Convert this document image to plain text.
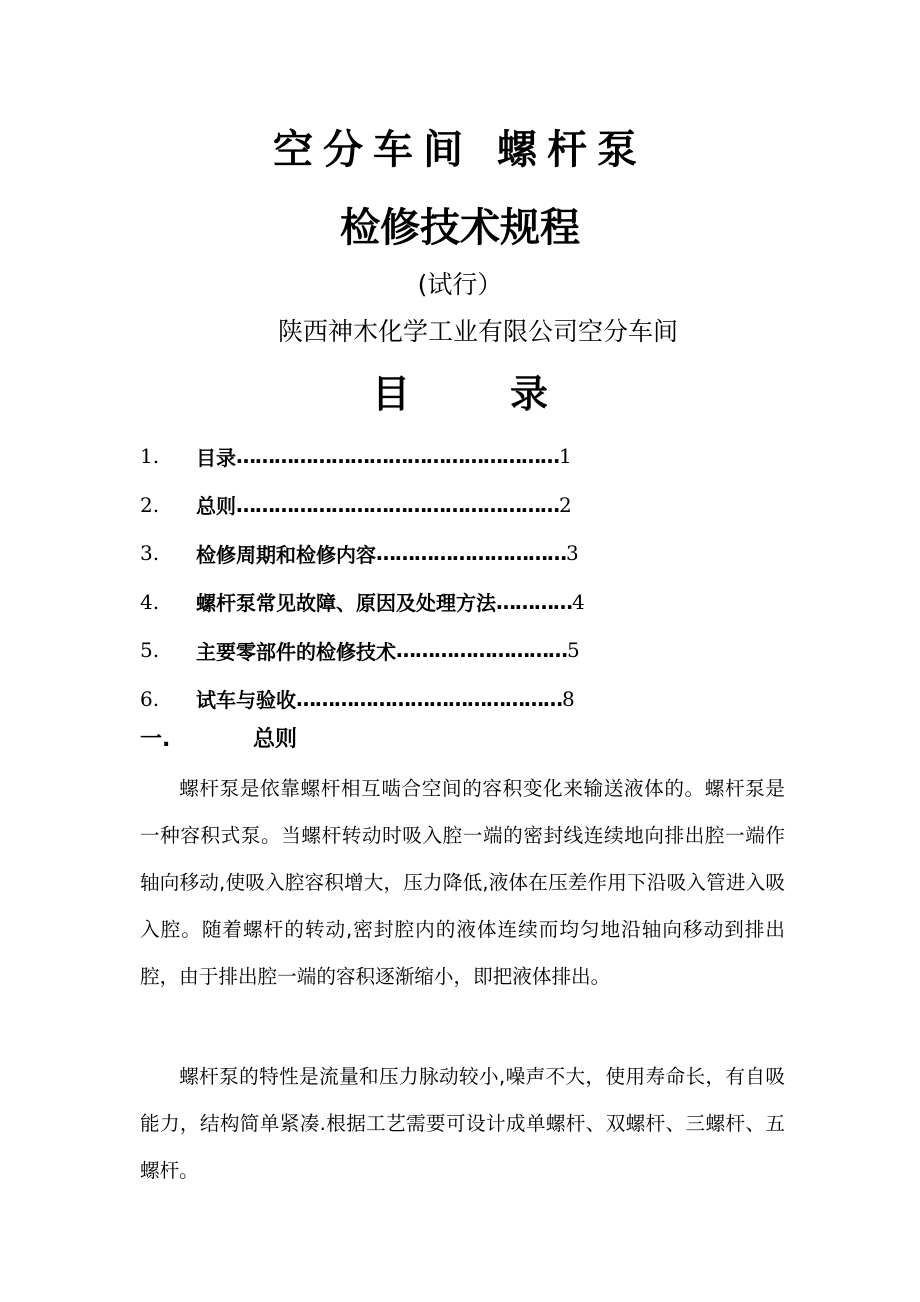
空分车间 螺杆泵
检修技术规程
(试行）
陕西神木化学工业有限公司空分车间
目	录
1.	目录 …………………………………………… 1
2.	总则 …………………………………………… 2
3.	检修周期和检修内容 ………………………… 3
4.	螺杆泵常见故障、原因及处理方法 ………… 4
5.	主要零部件的检修技术 ……………………… 5
6.	试车与验收 …………………………………… 8
一.	总则

螺杆泵是依靠螺杆相互啮合空间的容积变化来输送液体的。螺杆泵是一种容积式泵。当螺杆转动时吸入腔一端的密封线连续地向排出腔一端作轴向移动,使吸入腔容积增大，压力降低,液体在压差作用下沿吸入管进入吸入腔。随着螺杆的转动,密封腔内的液体连续而均匀地沿轴向移动到排出腔，由于排出腔一端的容积逐渐缩小，即把液体排出。

螺杆泵的特性是流量和压力脉动较小,噪声不大，使用寿命长，有自吸能力，结构简单紧凑.根据工艺需要可设计成单螺杆、双螺杆、三螺杆、五螺杆。
